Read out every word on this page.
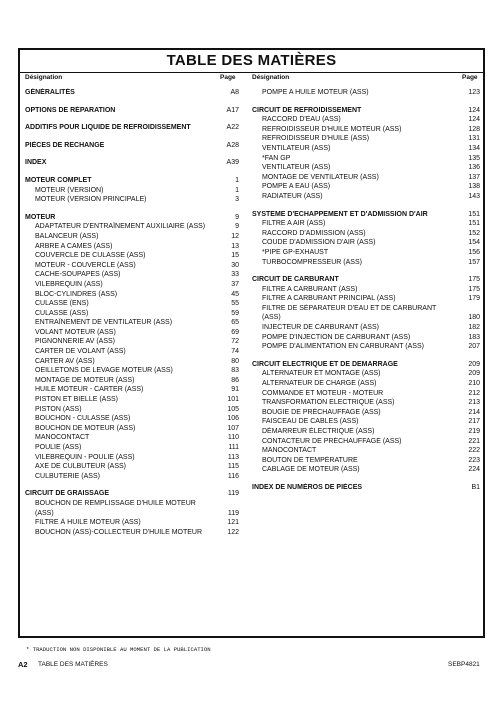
TABLE DES MATIÈRES
Désignation	Page	Désignation	Page
GÉNÉRALITÉS	A8
OPTIONS DE RÉPARATION	A17
ADDITIFS POUR LIQUIDE DE REFROIDISSEMENT	A22
PIÈCES DE RECHANGE	A28
INDEX	A39
MOTEUR COMPLET	1
MOTEUR (VERSION)	1
MOTEUR (VERSION PRINCIPALE)	3
MOTEUR	9
ADAPTATEUR D'ENTRAÎNEMENT AUXILIAIRE (ASS)	9
BALANCEUR (ASS)	12
ARBRE A CAMES (ASS)	13
COUVERCLE DE CULASSE (ASS)	15
MOTEUR - COUVERCLE (ASS)	30
CACHE-SOUPAPES (ASS)	33
VILEBREQUIN (ASS)	37
BLOC-CYLINDRES (ASS)	45
CULASSE (ENS)	55
CULASSE (ASS)	59
ENTRAÎNEMENT DE VENTILATEUR (ASS)	65
VOLANT MOTEUR (ASS)	69
PIGNONNERIE AV (ASS)	72
CARTER DE VOLANT (ASS)	74
CARTER AV (ASS)	80
OEILLETONS DE LEVAGE MOTEUR (ASS)	83
MONTAGE DE MOTEUR (ASS)	86
HUILE MOTEUR - CARTER (ASS)	91
PISTON ET BIELLE (ASS)	101
PISTON (ASS)	105
BOUCHON - CULASSE (ASS)	106
BOUCHON DE MOTEUR (ASS)	107
MANOCONTACT	110
POULIE (ASS)	111
VILEBREQUIN - POULIE (ASS)	113
AXE DE CULBUTEUR (ASS)	115
CULBUTERIE (ASS)	116
CIRCUIT DE GRAISSAGE	119
BOUCHON DE REMPLISSAGE D'HUILE MOTEUR (ASS)	119
FILTRE À HUILE MOTEUR (ASS)	121
BOUCHON (ASS)-COLLECTEUR D'HUILE MOTEUR	122
POMPE A HUILE MOTEUR (ASS)	123
CIRCUIT DE REFROIDISSEMENT	124
RACCORD D'EAU (ASS)	124
REFROIDISSEUR D'HUILE MOTEUR (ASS)	128
REFROIDISSEUR D'HUILE (ASS)	131
VENTILATEUR (ASS)	134
*FAN GP	135
VENTILATEUR (ASS)	136
MONTAGE DE VENTILATEUR (ASS)	137
POMPE A EAU (ASS)	138
RADIATEUR (ASS)	143
SYSTEME D'ECHAPPEMENT ET D'ADMISSION D'AIR	151
FILTRE A AIR (ASS)	151
RACCORD D'ADMISSION (ASS)	152
COUDE D'ADMISSION D'AIR (ASS)	154
*PIPE GP-EXHAUST	156
TURBOCOMPRESSEUR (ASS)	157
CIRCUIT DE CARBURANT	175
FILTRE A CARBURANT (ASS)	175
FILTRE A CARBURANT PRINCIPAL (ASS)	179
FILTRE DE SÉPARATEUR D'EAU ET DE CARBURANT (ASS)	180
INJECTEUR DE CARBURANT (ASS)	182
POMPE D'INJECTION DE CARBURANT (ASS)	183
POMPE D'ALIMENTATION EN CARBURANT (ASS)	207
CIRCUIT ELECTRIQUE ET DE DEMARRAGE	209
ALTERNATEUR ET MONTAGE (ASS)	209
ALTERNATEUR DE CHARGE (ASS)	210
COMMANDE ET MOTEUR - MOTEUR	212
TRANSFORMATION ELECTRIQUE (ASS)	213
BOUGIE DE PRÉCHAUFFAGE (ASS)	214
FAISCEAU DE CABLES (ASS)	217
DÉMARREUR ÉLECTRIQUE (ASS)	219
CONTACTEUR DE PRÉCHAUFFAGE (ASS)	221
MANOCONTACT	222
BOUTON DE TEMPÉRATURE	223
CABLAGE DE MOTEUR (ASS)	224
INDEX DE NUMÉROS DE PIÈCES	B1
* TRADUCTION NON DISPONIBLE AU MOMENT DE LA PUBLICATION
A2 TABLE DES MATIÈRES	SEBP4821
